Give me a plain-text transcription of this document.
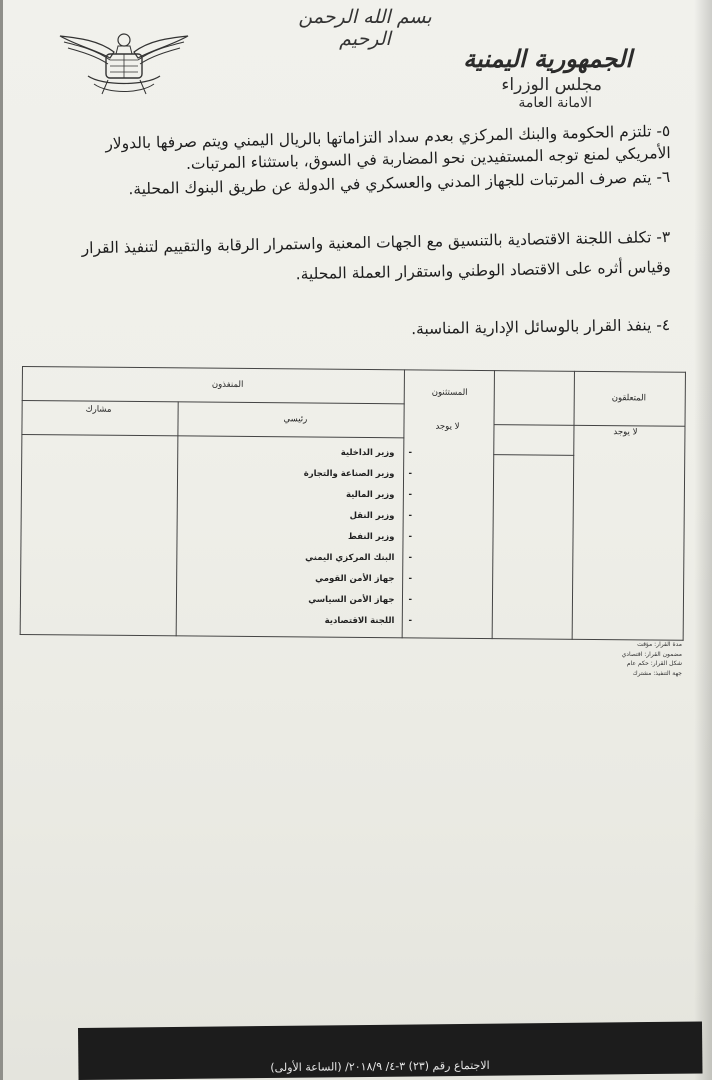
بسم الله الرحمن الرحيم
الجمهورية اليمنية
مجلس الوزراء
الامانة العامة
٥- تلتزم الحكومة والبنك المركزي بعدم سداد التزاماتها بالريال اليمني ويتم صرفها بالدولار
الأمريكي لمنع توجه المستفيدين نحو المضاربة في السوق، باستثناء المرتبات.
٦- يتم صرف المرتبات للجهاز المدني والعسكري في الدولة عن طريق البنوك المحلية.
٣- تكلف اللجنة الاقتصادية بالتنسيق مع الجهات المعنية واستمرار الرقابة والتقييم لتنفيذ القرار
وقياس أثره على الاقتصاد الوطني واستقرار العملة المحلية.
٤- ينفذ القرار بالوسائل الإدارية المناسبة.
المنفذون
المستثنون
المتعلقون
رئيسي
مشارك
لا يوجد
لا يوجد
-وزير الداخلية
-وزير الصناعة والتجارة
-وزير المالية
-وزير النقل
-وزير النفط
-البنك المركزي اليمني
-جهاز الأمن القومي
-جهاز الأمن السياسي
-اللجنة الاقتصادية
مدة القرار: مؤقت
مضمون القرار: اقتصادي
شكل القرار: حكم عام
جهة التنفيذ: مشترك
الاجتماع رقم (٢٣) ٣-٤/ ٢٠١٨/٩/ (الساعة الأولى)
